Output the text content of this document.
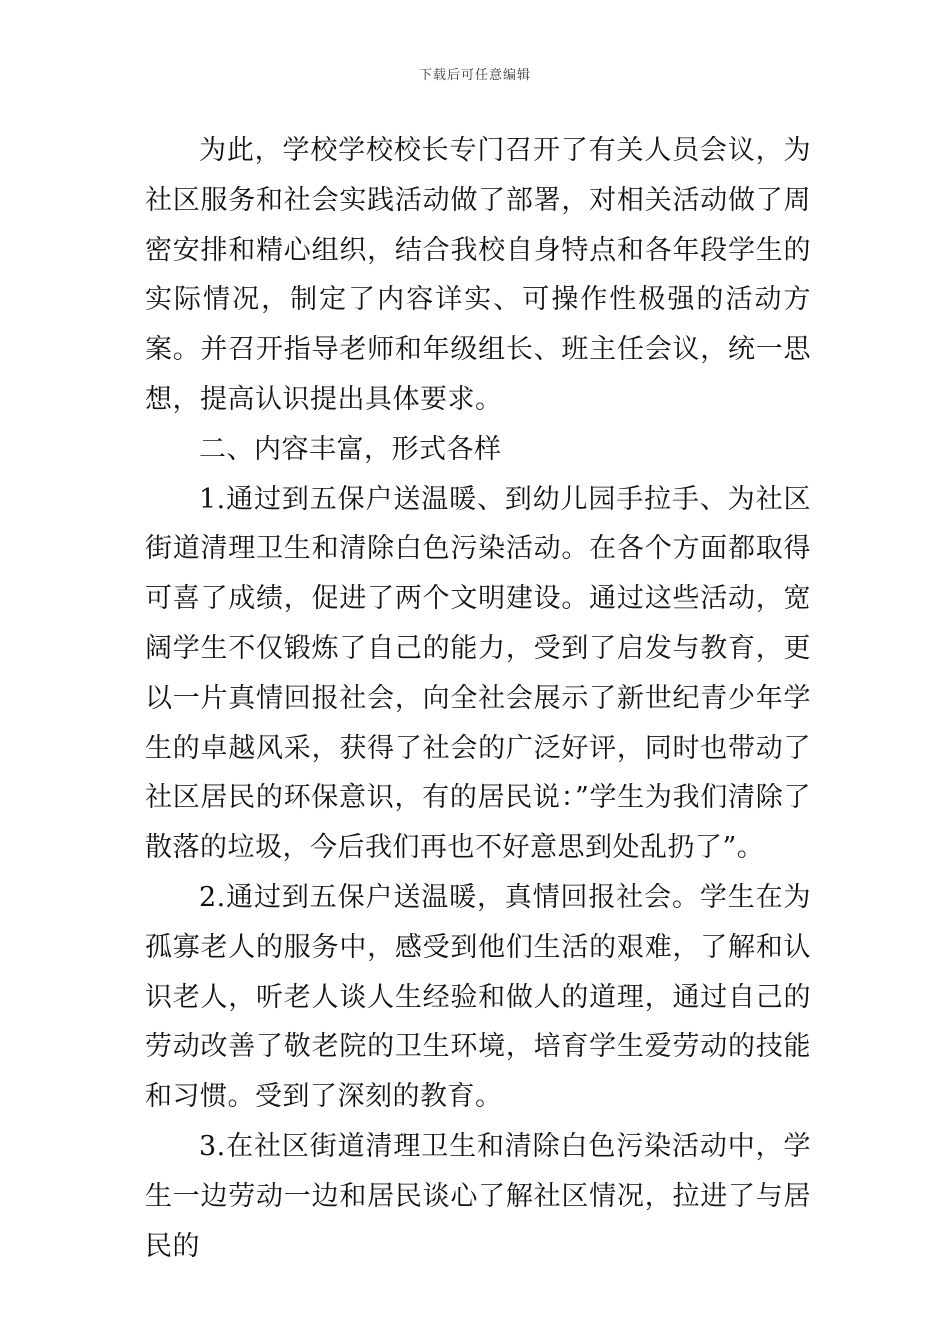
下载后可任意编辑

为此，学校学校校长专门召开了有关人员会议，为社区服务和社会实践活动做了部署，对相关活动做了周密安排和精心组织，结合我校自身特点和各年段学生的实际情况，制定了内容详实、可操作性极强的活动方案。并召开指导老师和年级组长、班主任会议，统一思想，提高认识提出具体要求。

二、内容丰富，形式各样

1.通过到五保户送温暖、到幼儿园手拉手、为社区街道清理卫生和清除白色污染活动。在各个方面都取得可喜了成绩，促进了两个文明建设。通过这些活动，宽阔学生不仅锻炼了自己的能力，受到了启发与教育，更以一片真情回报社会，向全社会展示了新世纪青少年学生的卓越风采，获得了社会的广泛好评，同时也带动了社区居民的环保意识，有的居民说：”学生为我们清除了散落的垃圾，今后我们再也不好意思到处乱扔了”。

2.通过到五保户送温暖，真情回报社会。学生在为孤寡老人的服务中，感受到他们生活的艰难，了解和认识老人，听老人谈人生经验和做人的道理，通过自己的劳动改善了敬老院的卫生环境，培育学生爱劳动的技能和习惯。受到了深刻的教育。

3.在社区街道清理卫生和清除白色污染活动中，学生一边劳动一边和居民谈心了解社区情况，拉进了与居民的
